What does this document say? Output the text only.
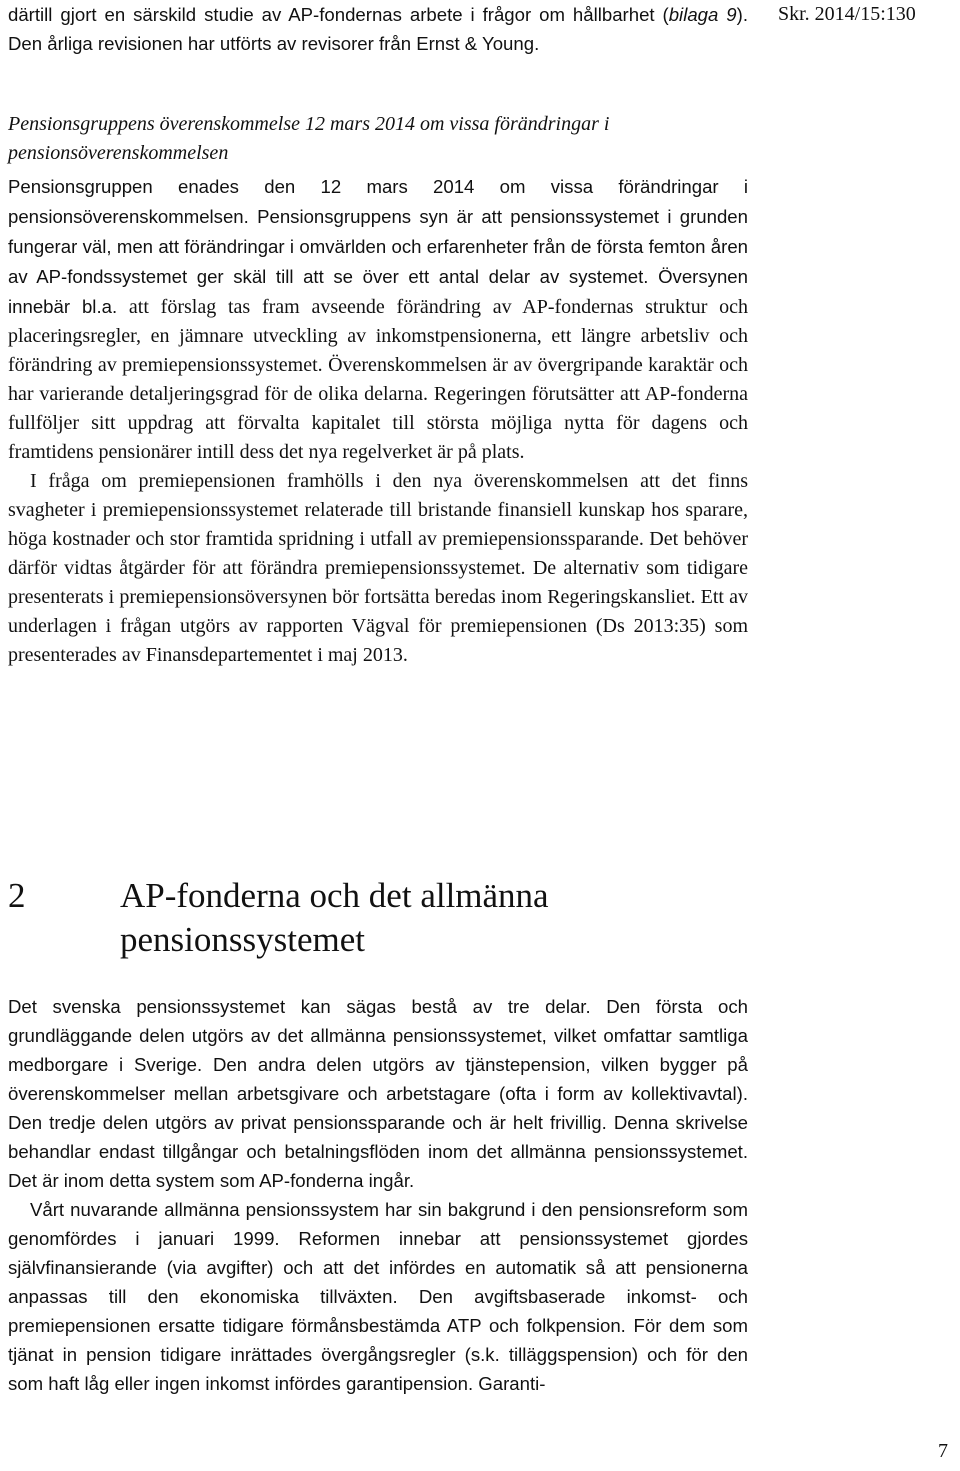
Skr. 2014/15:130

därtill gjort en särskild studie av AP-fondernas arbete i frågor om hållbarhet (bilaga 9). Den årliga revisionen har utförts av revisorer från Ernst & Young.

Pensionsgruppens överenskommelse 12 mars 2014 om vissa förändringar i pensionsöverenskommelsen

Pensionsgruppen enades den 12 mars 2014 om vissa förändringar i pensionsöverenskommelsen. Pensionsgruppens syn är att pensionssystemet i grunden fungerar väl, men att förändringar i omvärlden och erfarenheter från de första femton åren av AP-fondssystemet ger skäl till att se över ett antal delar av systemet. Översynen innebär bl.a. att förslag tas fram avseende förändring av AP-fondernas struktur och placeringsregler, en jämnare utveckling av inkomstpensionerna, ett längre arbetsliv och förändring av premiepensionssystemet. Överenskommelsen är av övergripande karaktär och har varierande detaljeringsgrad för de olika delarna. Regeringen förutsätter att AP-fonderna fullföljer sitt uppdrag att förvalta kapitalet till största möjliga nytta för dagens och framtidens pensionärer intill dess det nya regelverket är på plats.

I fråga om premiepensionen framhölls i den nya överenskommelsen att det finns svagheter i premiepensionssystemet relaterade till bristande finansiell kunskap hos sparare, höga kostnader och stor framtida spridning i utfall av premiepensionssparande. Det behöver därför vidtas åtgärder för att förändra premiepensionssystemet. De alternativ som tidigare presenterats i premiepensionsöversynen bör fortsätta beredas inom Regeringskansliet. Ett av underlagen i frågan utgörs av rapporten Vägval för premiepensionen (Ds 2013:35) som presenterades av Finansdepartementet i maj 2013.

2	AP-fonderna och det allmänna pensionssystemet

Det svenska pensionssystemet kan sägas bestå av tre delar. Den första och grundläggande delen utgörs av det allmänna pensionssystemet, vilket omfattar samtliga medborgare i Sverige. Den andra delen utgörs av tjänstepension, vilken bygger på överenskommelser mellan arbetsgivare och arbetstagare (ofta i form av kollektivavtal). Den tredje delen utgörs av privat pensionssparande och är helt frivillig. Denna skrivelse behandlar endast tillgångar och betalningsflöden inom det allmänna pensionssystemet. Det är inom detta system som AP-fonderna ingår.

Vårt nuvarande allmänna pensionssystem har sin bakgrund i den pensionsreform som genomfördes i januari 1999. Reformen innebar att pensionssystemet gjordes självfinansierande (via avgifter) och att det infördes en automatik så att pensionerna anpassas till den ekonomiska tillväxten. Den avgiftsbaserade inkomst- och premiepensionen ersatte tidigare förmånsbestämda ATP och folkpension. För dem som tjänat in pension tidigare inrättades övergångsregler (s.k. tilläggspension) och för den som haft låg eller ingen inkomst infördes garantipension. Garanti-

7
